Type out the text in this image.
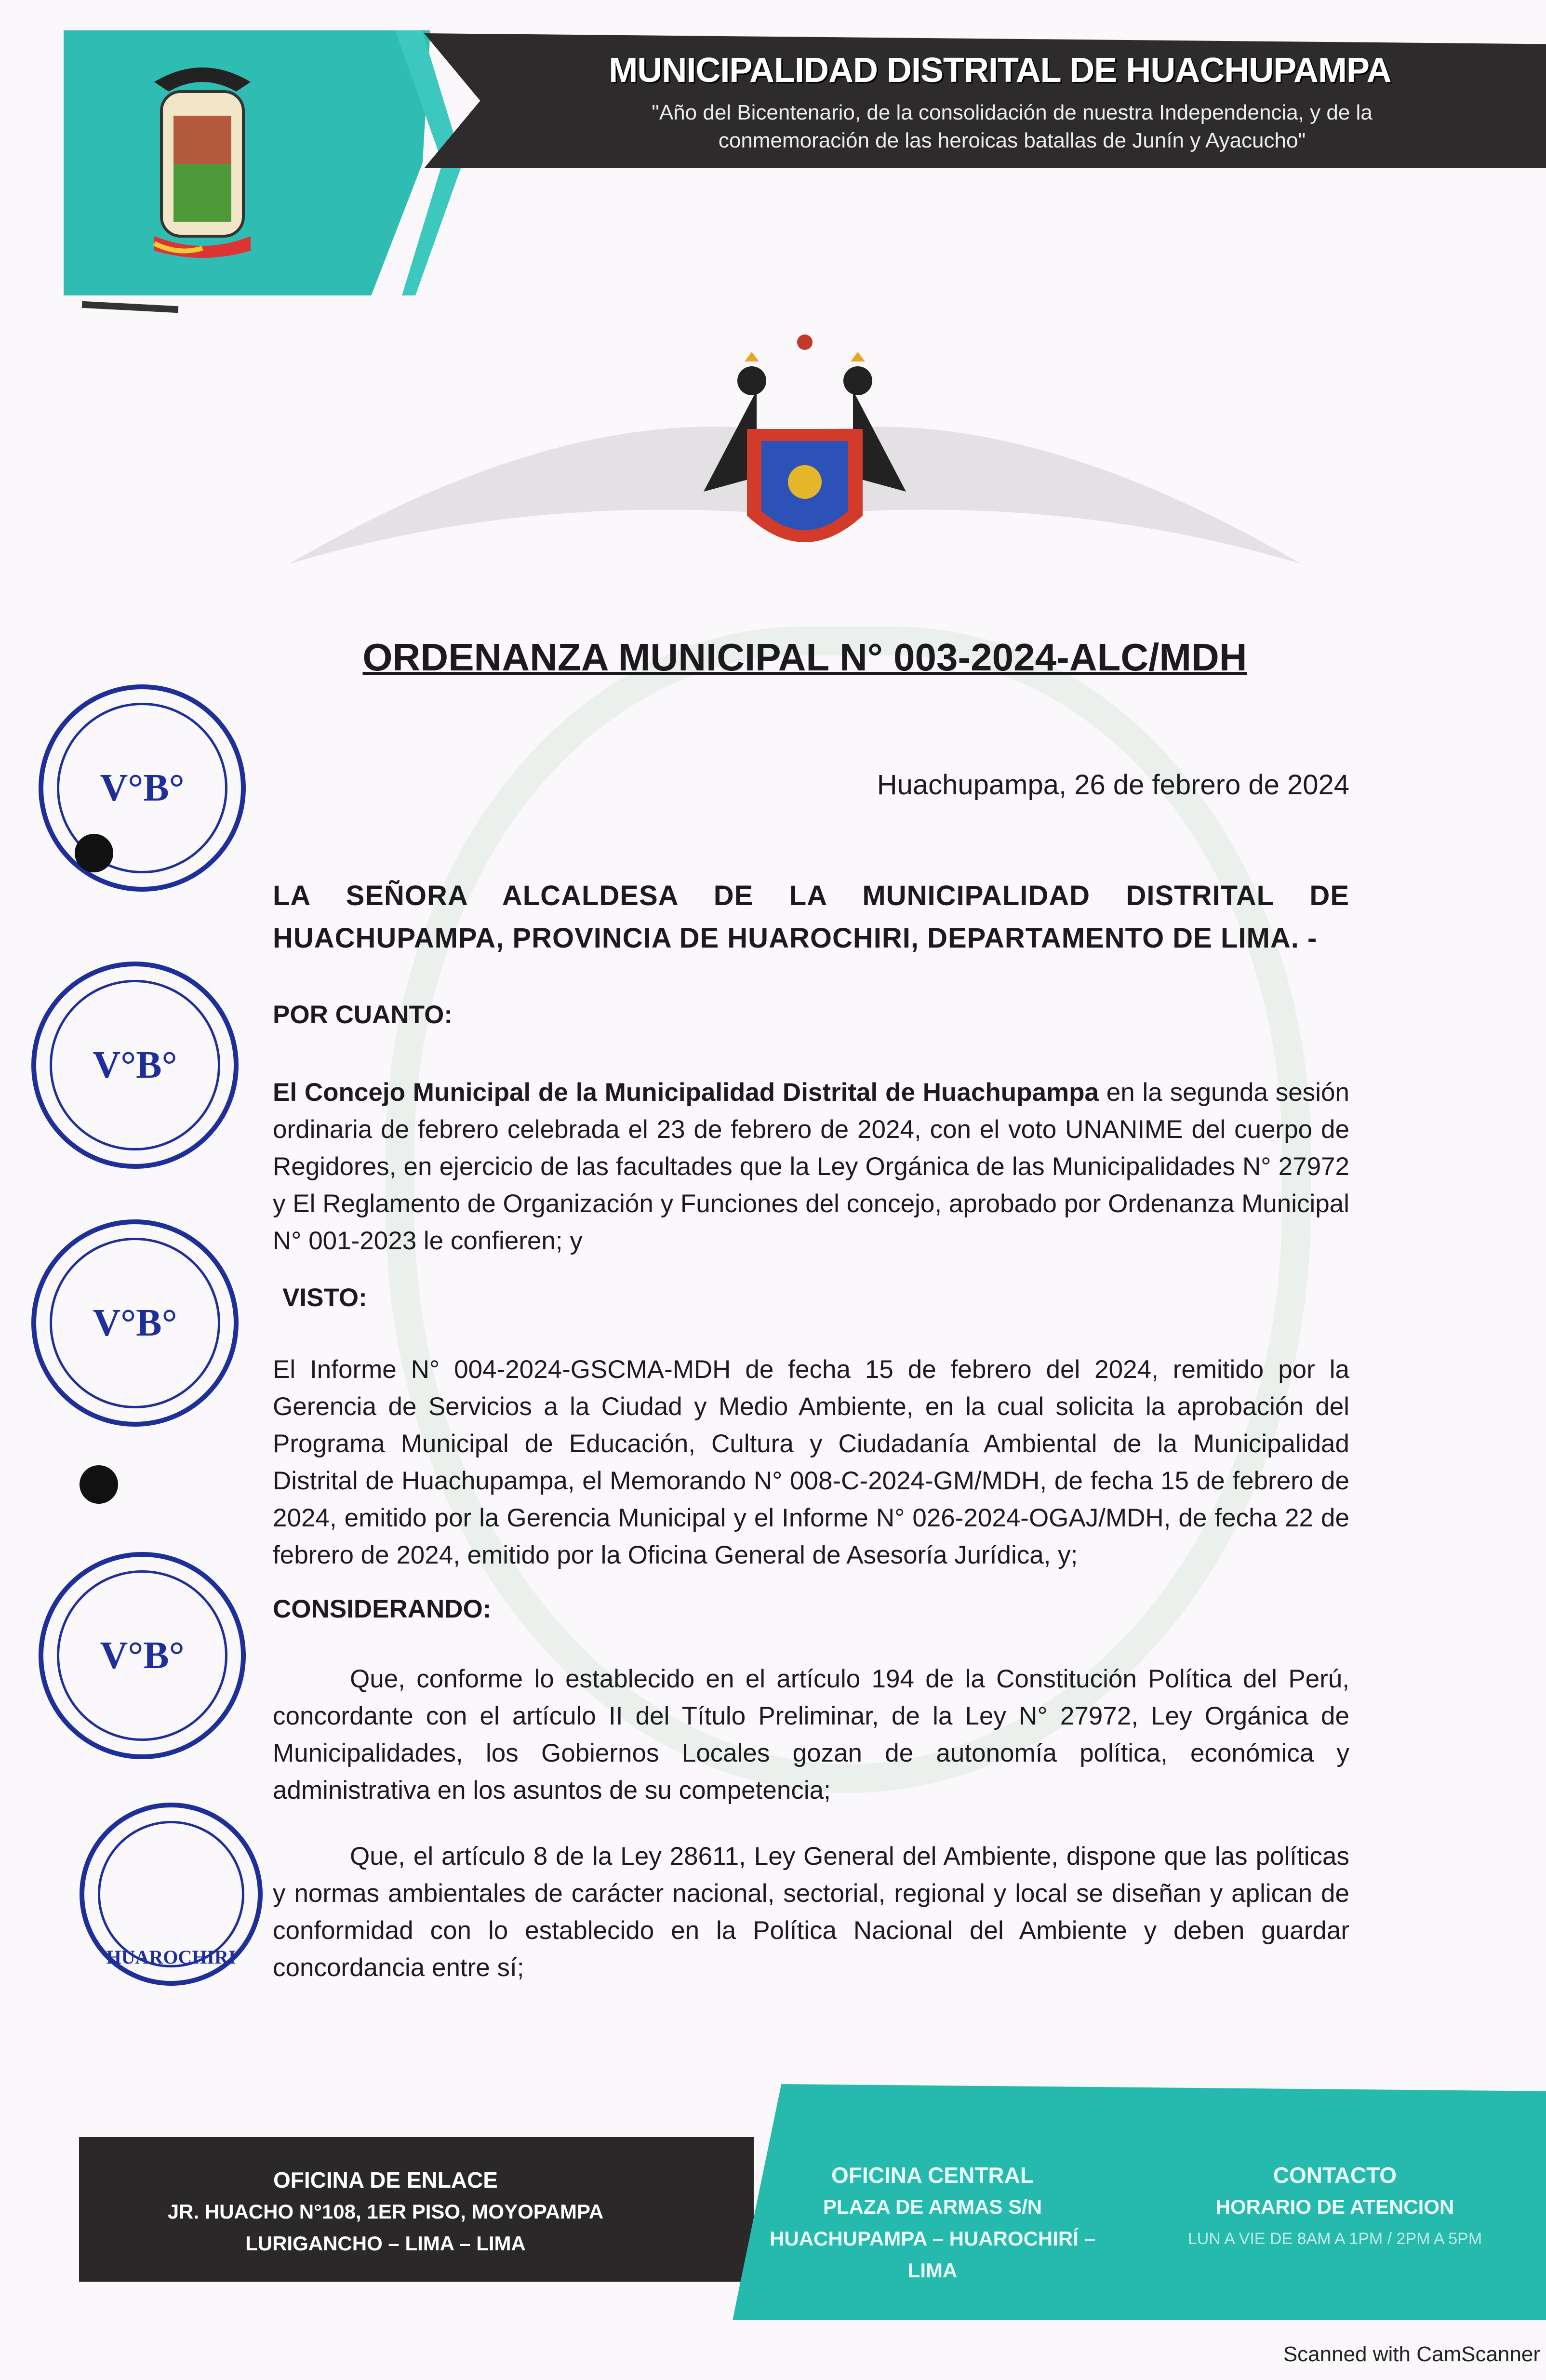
MUNICIPALIDAD DISTRITAL DE HUACHUPAMPA
"Año del Bicentenario, de la consolidación de nuestra Independencia, y de la
conmemoración de las heroicas batallas de Junín y Ayacucho"
ORDENANZA MUNICIPAL N° 003-2024-ALC/MDH
Huachupampa, 26 de febrero de 2024
LA SEÑORA ALCALDESA DE LA MUNICIPALIDAD DISTRITAL DE HUACHUPAMPA, PROVINCIA DE HUAROCHIRI, DEPARTAMENTO DE LIMA. -
POR CUANTO:
El Concejo Municipal de la Municipalidad Distrital de Huachupampa en la segunda sesión ordinaria de febrero celebrada el 23 de febrero de 2024, con el voto UNANIME del cuerpo de Regidores, en ejercicio de las facultades que la Ley Orgánica de las Municipalidades N° 27972 y El Reglamento de Organización y Funciones del concejo, aprobado por Ordenanza Municipal N° 001-2023 le confieren; y
VISTO:
El Informe N° 004-2024-GSCMA-MDH de fecha 15 de febrero del 2024, remitido por la Gerencia de Servicios a la Ciudad y Medio Ambiente, en la cual solicita la aprobación del Programa Municipal de Educación, Cultura y Ciudadanía Ambiental de la Municipalidad Distrital de Huachupampa, el Memorando N° 008-C-2024-GM/MDH, de fecha 15 de febrero de 2024, emitido por la Gerencia Municipal y el Informe N° 026-2024-OGAJ/MDH, de fecha 22 de febrero de 2024, emitido por la Oficina General de Asesoría Jurídica, y;
CONSIDERANDO:
Que, conforme lo establecido en el artículo 194 de la Constitución Política del Perú, concordante con el artículo II del Título Preliminar, de la Ley N° 27972, Ley Orgánica de Municipalidades, los Gobiernos Locales gozan de autonomía política, económica y administrativa en los asuntos de su competencia;
Que, el artículo 8 de la Ley 28611, Ley General del Ambiente, dispone que las políticas y normas ambientales de carácter nacional, sectorial, regional y local se diseñan y aplican de conformidad con lo establecido en la Política Nacional del Ambiente y deben guardar concordancia entre sí;
V°B°
V°B°
V°B°
V°B°
HUAROCHIRI
OFICINA DE ENLACE
JR. HUACHO N°108, 1ER PISO, MOYOPAMPA
LURIGANCHO – LIMA – LIMA
OFICINA CENTRAL
PLAZA DE ARMAS S/N
HUACHUPAMPA – HUAROCHIRÍ – LIMA
CONTACTO
HORARIO DE ATENCION
LUN A VIE DE 8AM A 1PM / 2PM A 5PM
Scanned with CamScanner
